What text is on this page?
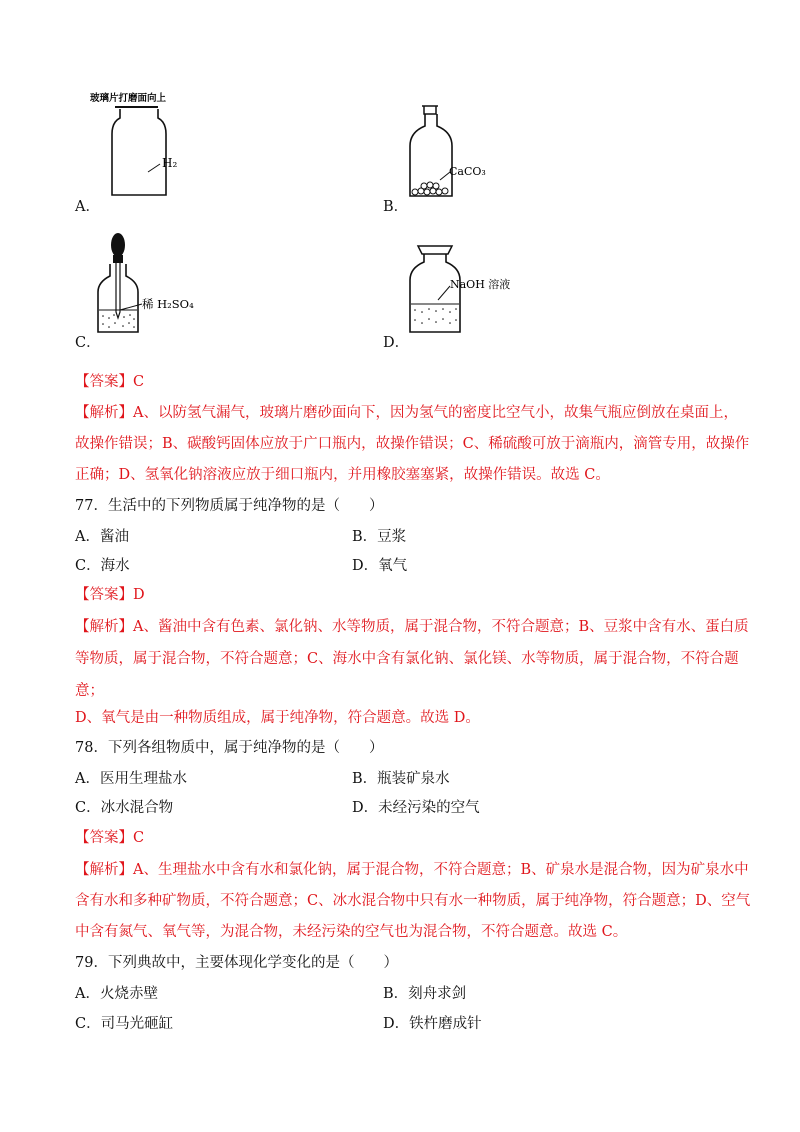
玻璃片打磨面向上
H₂
A．
CaCO₃
B．
稀 H₂SO₄
C．
NaOH 溶液
D．
【答案】C
【解析】A、以防氢气漏气，玻璃片磨砂面向下，因为氢气的密度比空气小，故集气瓶应倒放在桌面上，
故操作错误；B、碳酸钙固体应放于广口瓶内，故操作错误；C、稀硫酸可放于滴瓶内，滴管专用，故操作
正确；D、氢氧化钠溶液应放于细口瓶内，并用橡胶塞塞紧，故操作错误。故选 C。
77．生活中的下列物质属于纯净物的是（　　）
A．酱油	B．豆浆
C．海水	D．氧气
【答案】D
【解析】A、酱油中含有色素、氯化钠、水等物质，属于混合物，不符合题意；B、豆浆中含有水、蛋白质
等物质，属于混合物，不符合题意；C、海水中含有氯化钠、氯化镁、水等物质，属于混合物，不符合题
意；
D、氧气是由一种物质组成，属于纯净物，符合题意。故选 D。
78．下列各组物质中，属于纯净物的是（　　）
A．医用生理盐水	B．瓶装矿泉水
C．冰水混合物	D．未经污染的空气
【答案】C
【解析】A、生理盐水中含有水和氯化钠，属于混合物，不符合题意；B、矿泉水是混合物，因为矿泉水中
含有水和多种矿物质，不符合题意；C、冰水混合物中只有水一种物质，属于纯净物，符合题意；D、空气
中含有氮气、氧气等，为混合物，未经污染的空气也为混合物，不符合题意。故选 C。
79．下列典故中，主要体现化学变化的是（　　）
A．火烧赤壁	B．刻舟求剑
C．司马光砸缸	D．铁杵磨成针
